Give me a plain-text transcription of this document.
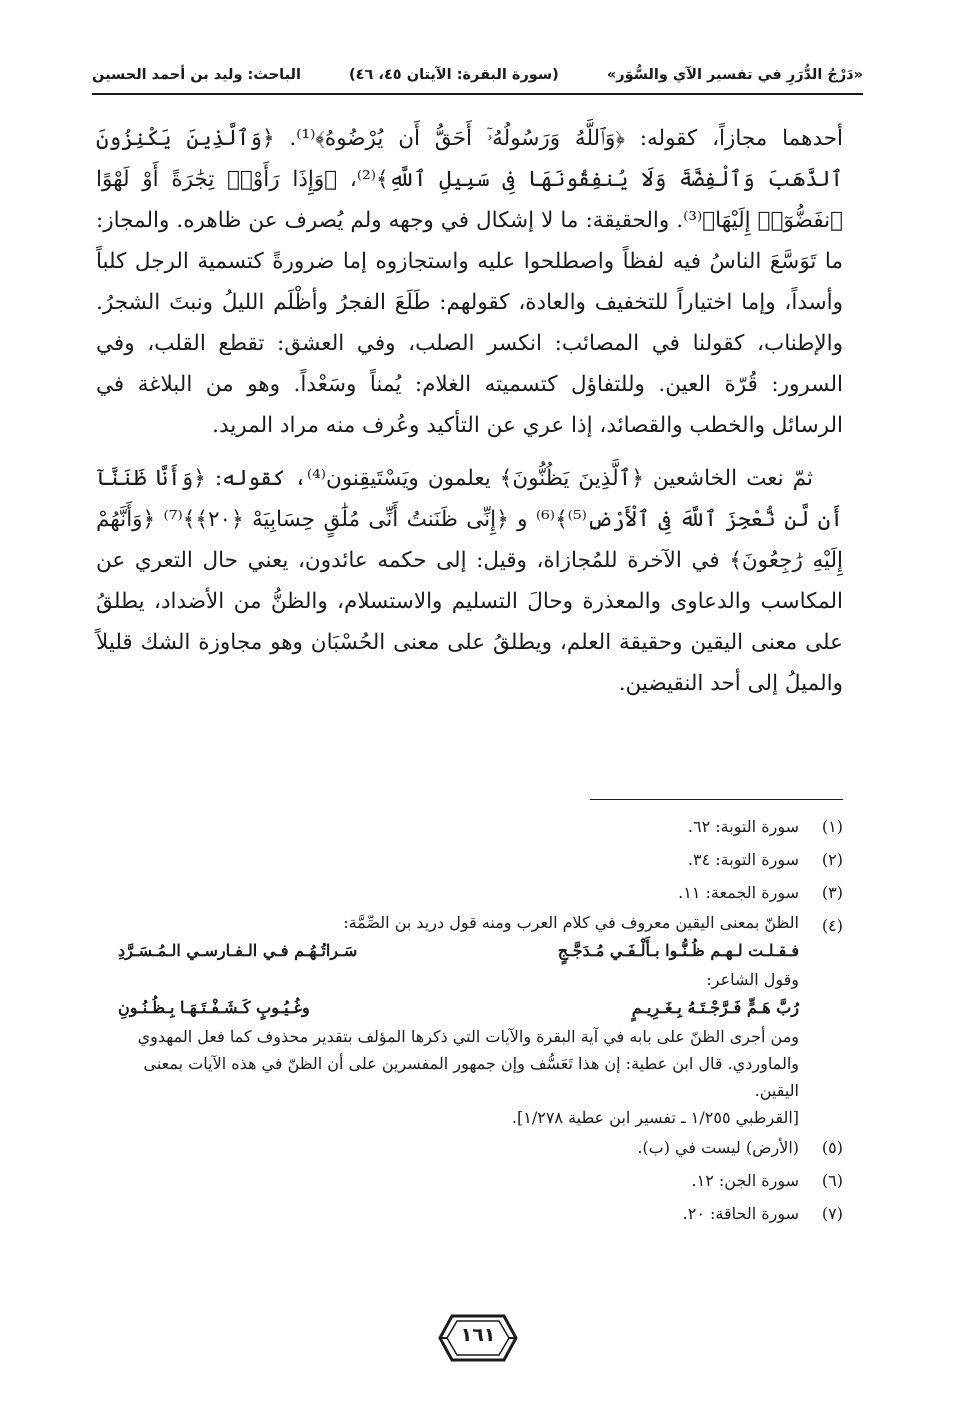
«دَرْجُ الدُّرَرِ في تفسير الآي والسُّوَر»
(سورة البقرة: الآيتان ٤٥، ٤٦)
الباحث: وليد بن أحمد الحسين

أحدهما مجازاً، كقوله: ﴿وَٱللَّهُ وَرَسُولُهُۥٓ أَحَقُّ أَن يُرْضُوهُ﴾⁽¹⁾. ﴿وَٱلَّذِينَ يَكْنِزُونَ ٱلذَّهَبَ وَٱلْفِضَّةَ وَلَا يُنفِقُونَهَا فِى سَبِيلِ ٱللَّهِ﴾⁽²⁾، ﴿وَإِذَا رَأَوْا۟ تِجَٰرَةً أَوْ لَهْوًا ٱنفَضُّوٓا۟ إِلَيْهَا﴾⁽³⁾. والحقيقة: ما لا إشكال في وجهه ولم يُصرف عن ظاهره. والمجاز: ما تَوَسَّعَ الناسُ فيه لفظاً واصطلحوا عليه واستجازوه إما ضرورةً كتسمية الرجل كلباً وأسداً، وإما اختياراً للتخفيف والعادة، كقولهم: طَلَعَ الفجرُ وأظْلَم الليلُ ونبتَ الشجرُ. والإطناب، كقولنا في المصائب: انكسر الصلب، وفي العشق: تقطع القلب، وفي السرور: قُرّة العين. وللتفاؤل كتسميته الغلام: يُمناً وسَعْداً. وهو من البلاغة في الرسائل والخطب والقصائد، إذا عري عن التأكيد وعُرف منه مراد المريد.

ثمّ نعت الخاشعين ﴿ٱلَّذِينَ يَظُنُّونَ﴾ يعلمون ويَسْتَيقِنون⁽⁴⁾، كقوله: ﴿وَأَنَّا ظَنَنَّآ أَن لَّن نُّعْجِزَ ٱللَّهَ فِى ٱلْأَرْضِ⁽⁵⁾﴾⁽⁶⁾ و ﴿إِنِّى ظَنَنتُ أَنِّى مُلَٰقٍ حِسَابِيَهْ ﴿٢٠﴾﴾⁽⁷⁾ ﴿وَأَنَّهُمْ إِلَيْهِ رَٰجِعُونَ﴾ في الآخرة للمُجازاة، وقيل: إلى حكمه عائدون، يعني حال التعري عن المكاسب والدعاوى والمعذرة وحالَ التسليم والاستسلام، والظنُّ من الأضداد، يطلقُ على معنى اليقين وحقيقة العلم، ويطلقُ على معنى الحُسْبَان وهو مجاوزة الشك قليلاً والميلُ إلى أحد النقيضين.

(١)
سورة التوبة: ٦٢.
(٢)
سورة التوبة: ٣٤.
(٣)
سورة الجمعة: ١١.
(٤)
الظنّ بمعنى اليقين معروف في كلام العرب ومنه قول دريد بن الصِّمَّة:
فـقـلـت لـهـم ظُـنُّـوا بـأَلْـفَـي مُـدَجَّـجٍ
سَـراتُـهُـم فـي الـفـارسـي الـمُـسَـرَّدِ
وقول الشاعر:
رُبَّ هَـمٍّ فَـرَّجْـتَـهُ بِـغَـرِيـمٍ
وغُـيُـوبٍ كَـشَـفْـتَـهَـا بِـظُـنُـونِ
ومن أجرى الظنّ على بابه في آية البقرة والآيات التي ذكرها المؤلف بتقدير محذوف كما فعل المهدوي والماوردي. قال ابن عطية: إن هذا تَعَسُّف وإن جمهور المفسرين على أن الظنّ في هذه الآيات بمعنى اليقين.
[القرطبي ١/٢٥٥ ـ تفسير ابن عطية ١/٢٧٨].
(٥)
(الأرض) ليست في (ب).
(٦)
سورة الجن: ١٢.
(٧)
سورة الحاقة: ٢٠.
١٦١
